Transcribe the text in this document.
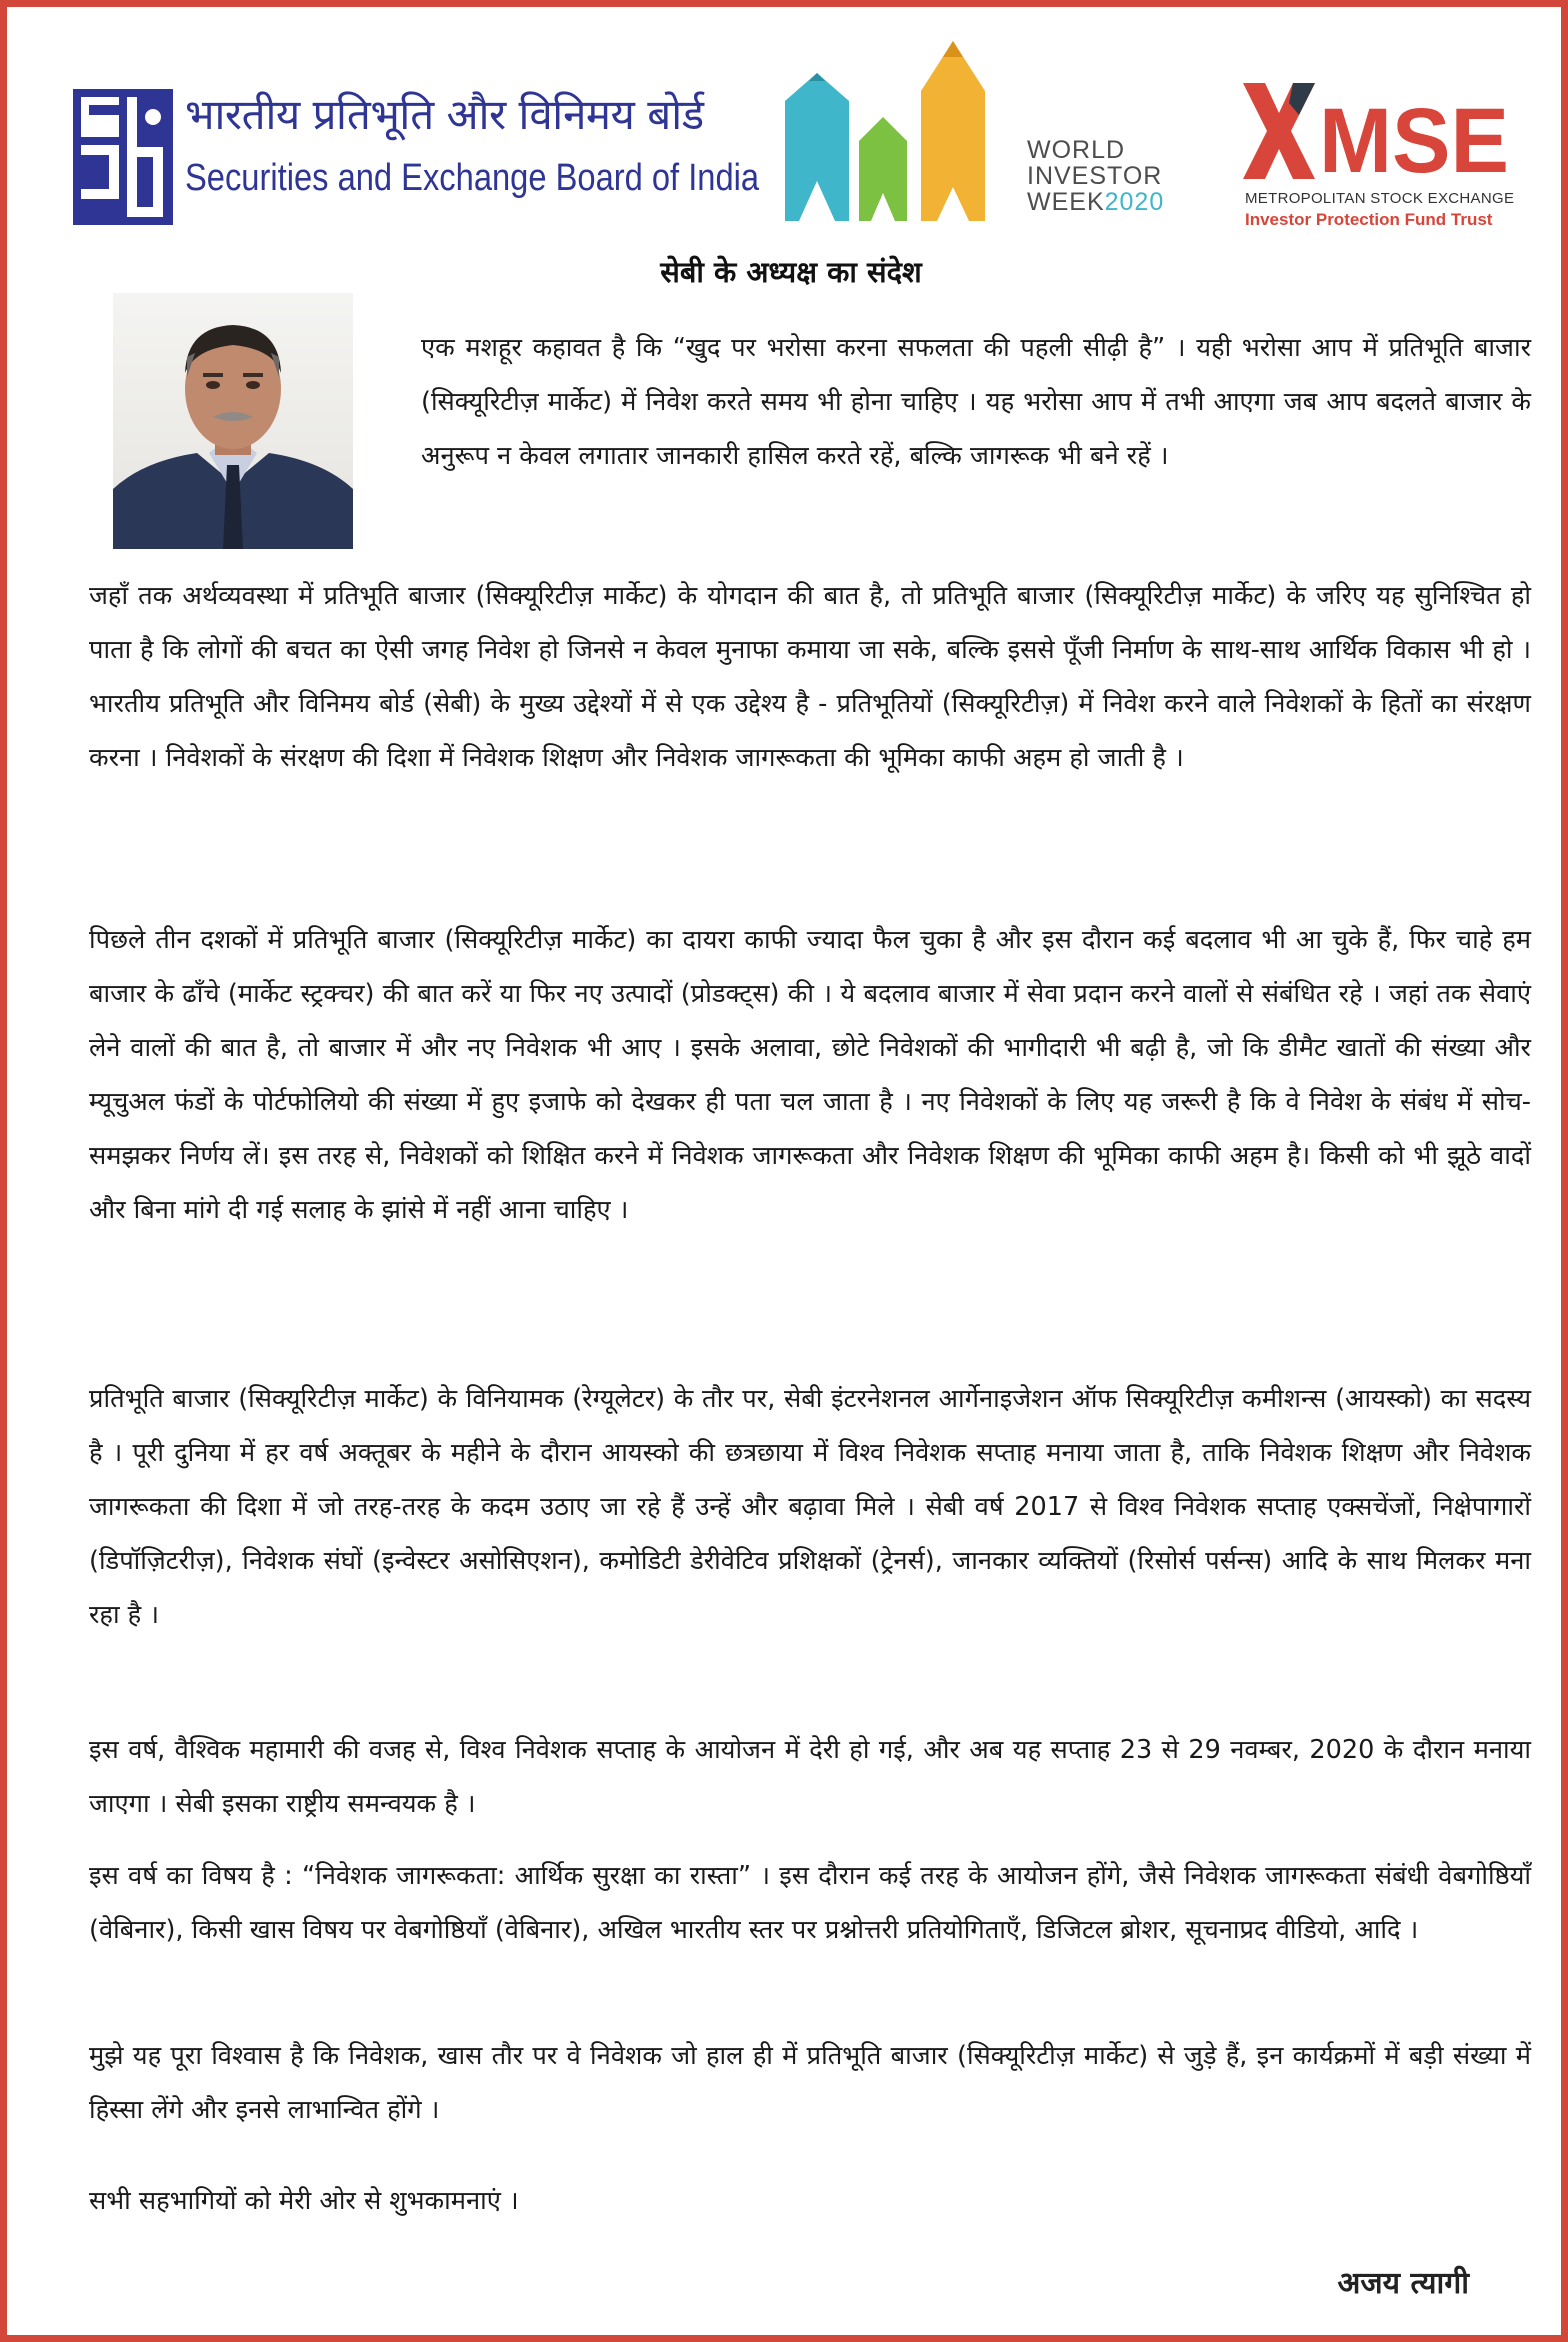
भारतीय प्रतिभूति और विनिमय बोर्ड
Securities and Exchange Board of India
WORLD
INVESTOR
WEEK2020
MSE
METROPOLITAN STOCK EXCHANGE
Investor Protection Fund Trust
सेबी के अध्यक्ष का संदेश
एक मशहूर कहावत है कि “खुद पर भरोसा करना सफलता की पहली सीढ़ी है” । यही भरोसा आप में प्रतिभूति बाजार (सिक्यूरिटीज़ मार्केट) में निवेश करते समय भी होना चाहिए । यह भरोसा आप में तभी आएगा जब आप बदलते बाजार के अनुरूप न केवल लगातार जानकारी हासिल करते रहें, बल्कि जागरूक भी बने रहें ।
जहाँ तक अर्थव्यवस्था में प्रतिभूति बाजार (सिक्यूरिटीज़ मार्केट) के योगदान की बात है, तो प्रतिभूति बाजार (सिक्यूरिटीज़ मार्केट) के जरिए यह सुनिश्चित हो पाता है कि लोगों की बचत का ऐसी जगह निवेश हो जिनसे न केवल मुनाफा कमाया जा सके, बल्कि इससे पूँजी निर्माण के साथ-साथ आर्थिक विकास भी हो । भारतीय प्रतिभूति और विनिमय बोर्ड (सेबी) के मुख्य उद्देश्यों में से एक उद्देश्य है - प्रतिभूतियों (सिक्यूरिटीज़) में निवेश करने वाले निवेशकों के हितों का संरक्षण करना । निवेशकों के संरक्षण की दिशा में निवेशक शिक्षण और निवेशक जागरूकता की भूमिका काफी अहम हो जाती है ।
पिछले तीन दशकों में प्रतिभूति बाजार (सिक्यूरिटीज़ मार्केट) का दायरा काफी ज्यादा फैल चुका है और इस दौरान कई बदलाव भी आ चुके हैं, फिर चाहे हम बाजार के ढाँचे (मार्केट स्ट्रक्चर) की बात करें या फिर नए उत्पादों (प्रोडक्ट्स) की । ये बदलाव बाजार में सेवा प्रदान करने वालों से संबंधित रहे । जहां तक सेवाएं लेने वालों की बात है, तो बाजार में और नए निवेशक भी आए । इसके अलावा, छोटे निवेशकों की भागीदारी भी बढ़ी है, जो कि डीमैट खातों की संख्या और म्यूचुअल फंडों के पोर्टफोलियो की संख्या में हुए इजाफे को देखकर ही पता चल जाता है । नए निवेशकों के लिए यह जरूरी है कि वे निवेश के संबंध में सोच-समझकर निर्णय लें। इस तरह से, निवेशकों को शिक्षित करने में निवेशक जागरूकता और निवेशक शिक्षण की भूमिका काफी अहम है। किसी को भी झूठे वादों और बिना मांगे दी गई सलाह के झांसे में नहीं आना चाहिए ।
प्रतिभूति बाजार (सिक्यूरिटीज़ मार्केट) के विनियामक (रेग्यूलेटर) के तौर पर, सेबी इंटरनेशनल आर्गेनाइजेशन ऑफ सिक्यूरिटीज़ कमीशन्स (आयस्को) का सदस्य है । पूरी दुनिया में हर वर्ष अक्तूबर के महीने के दौरान आयस्को की छत्रछाया में विश्व निवेशक सप्ताह मनाया जाता है, ताकि निवेशक शिक्षण और निवेशक जागरूकता की दिशा में जो तरह-तरह के कदम उठाए जा रहे हैं उन्हें और बढ़ावा मिले । सेबी वर्ष 2017 से विश्व निवेशक सप्ताह एक्सचेंजों, निक्षेपागारों (डिपॉज़िटरीज़), निवेशक संघों (इन्वेस्टर असोसिएशन), कमोडिटी डेरीवेटिव प्रशिक्षकों (ट्रेनर्स), जानकार व्यक्तियों (रिसोर्स पर्सन्स) आदि के साथ मिलकर मना रहा है ।
इस वर्ष, वैश्विक महामारी की वजह से, विश्व निवेशक सप्ताह के आयोजन में देरी हो गई, और अब यह सप्ताह 23 से 29 नवम्बर, 2020 के दौरान मनाया जाएगा । सेबी इसका राष्ट्रीय समन्वयक है ।
इस वर्ष का विषय है : “निवेशक जागरूकता: आर्थिक सुरक्षा का रास्ता” । इस दौरान कई तरह के आयोजन होंगे, जैसे निवेशक जागरूकता संबंधी वेबगोष्ठियाँ (वेबिनार), किसी खास विषय पर वेबगोष्ठियाँ (वेबिनार), अखिल भारतीय स्तर पर प्रश्नोत्तरी प्रतियोगिताएँ, डिजिटल ब्रोशर, सूचनाप्रद वीडियो, आदि ।
मुझे यह पूरा विश्वास है कि निवेशक, खास तौर पर वे निवेशक जो हाल ही में प्रतिभूति बाजार (सिक्यूरिटीज़ मार्केट) से जुड़े हैं, इन कार्यक्रमों में बड़ी संख्या में हिस्सा लेंगे और इनसे लाभान्वित होंगे ।
सभी सहभागियों को मेरी ओर से शुभकामनाएं ।
अजय त्यागी
